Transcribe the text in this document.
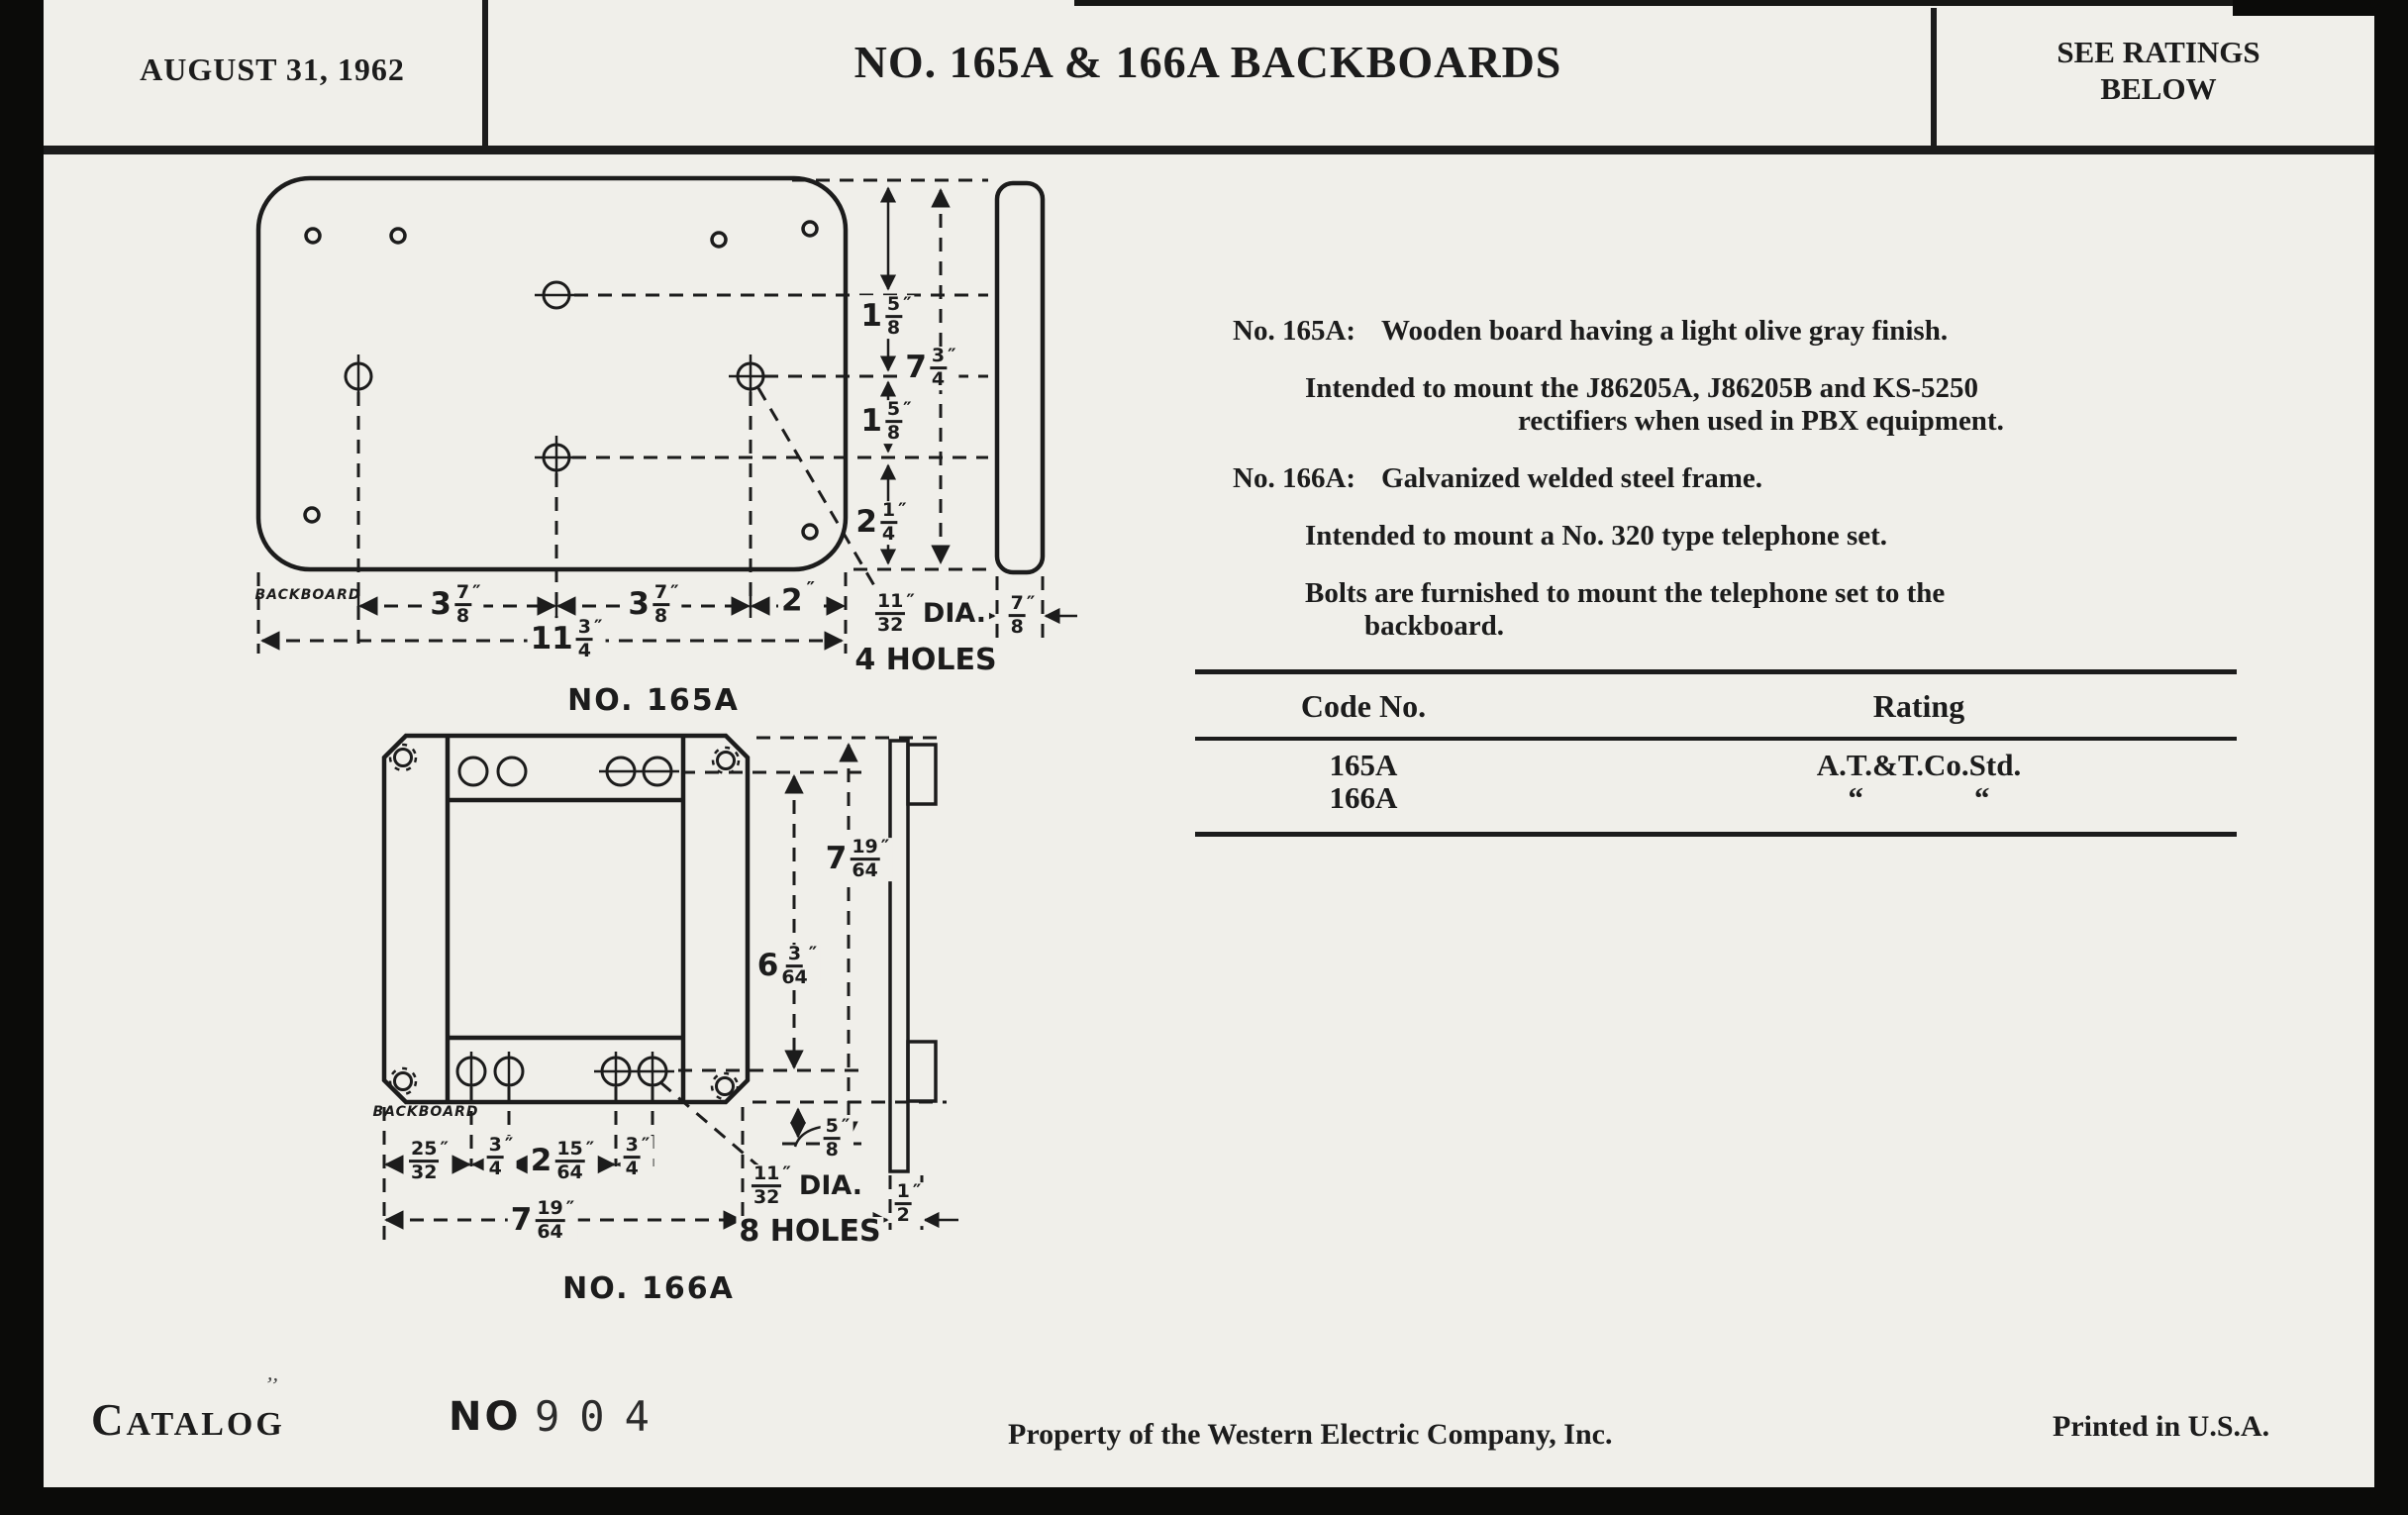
AUGUST 31, 1962	NO. 165A & 166A BACKBOARDS	SEE RATINGS
BELOW
1 5
8
″
1 5
8
″
2 1
4
″
7 3
4
″
3 7
8
″	3 7
8
″	2 ″
11 3
4
″
11
32
″ DIA.
4 HOLES
7
8
″
BACKBOARD
NO. 165A
6 3
64
″
7 19
64
″
25
32
″ 3
4
″ 2 15
64
″ 3
4
″
7 19
64
″
11
32
″ DIA.
8 HOLES
5
8
″
1
2
″
BACKBOARD
NO. 166A
No. 165A: Wooden board having a light olive gray finish.
Intended to mount the J86205A, J86205B and KS-5250
rectifiers when used in PBX equipment.
No. 166A: Galvanized welded steel frame.
Intended to mount a No. 320 type telephone set.
Bolts are furnished to mount the telephone set to the
backboard.
Code No.	Rating
165A	A.T.&T.Co.Std.
166A	“	“
’’
CATALOG	NO 904	Property of the Western Electric Company, Inc.	Printed in U.S.A.
